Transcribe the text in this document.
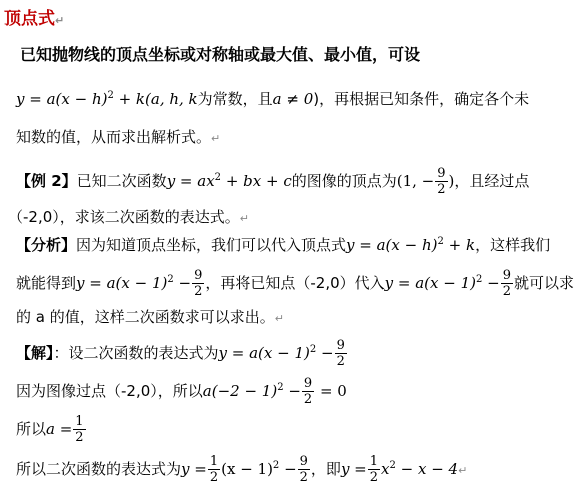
顶点式↵
已知抛物线的顶点坐标或对称轴或最大值、最小值，可设
$y = a(x - h)^2 + k(a$, h, k为常数，且a ≠ 0)，再根据已知条件，确定各个未
知数的值，从而求出解析式。↵
【例 2】已知二次函数$y = ax^2$ + bx + c的图像的顶点为(1, − $\frac{9}{2}$ )，且经过点
（-2,0），求该二次函数的表达式。↵
【分析】因为知道顶点坐标，我们可以代入顶点式$y = a(x - h)^2 + k$，这样我们
就能得到$y = a(x - 1)^2 - \frac{9}{2}$ ，再将已知点（-2,0）代入$y = a(x - 1)^2 - \frac{9}{2}$ 就可以求
的 a 的值，这样二次函数求可以求出。↵
【解】：设二次函数的表达式为$y = a(x - 1)^2 - \frac{9}{2}$
因为图像过点（-2,0），所以$a(-2 - 1)^2 - \frac{9}{2} = 0$
所以$a = \frac{1}{2}$
所以二次函数的表达式为$y = \frac{1}{2} (x - 1)^2 - \frac{9}{2}$ ，即$y = \frac{1}{2} x^2 - x$ − 4↵
